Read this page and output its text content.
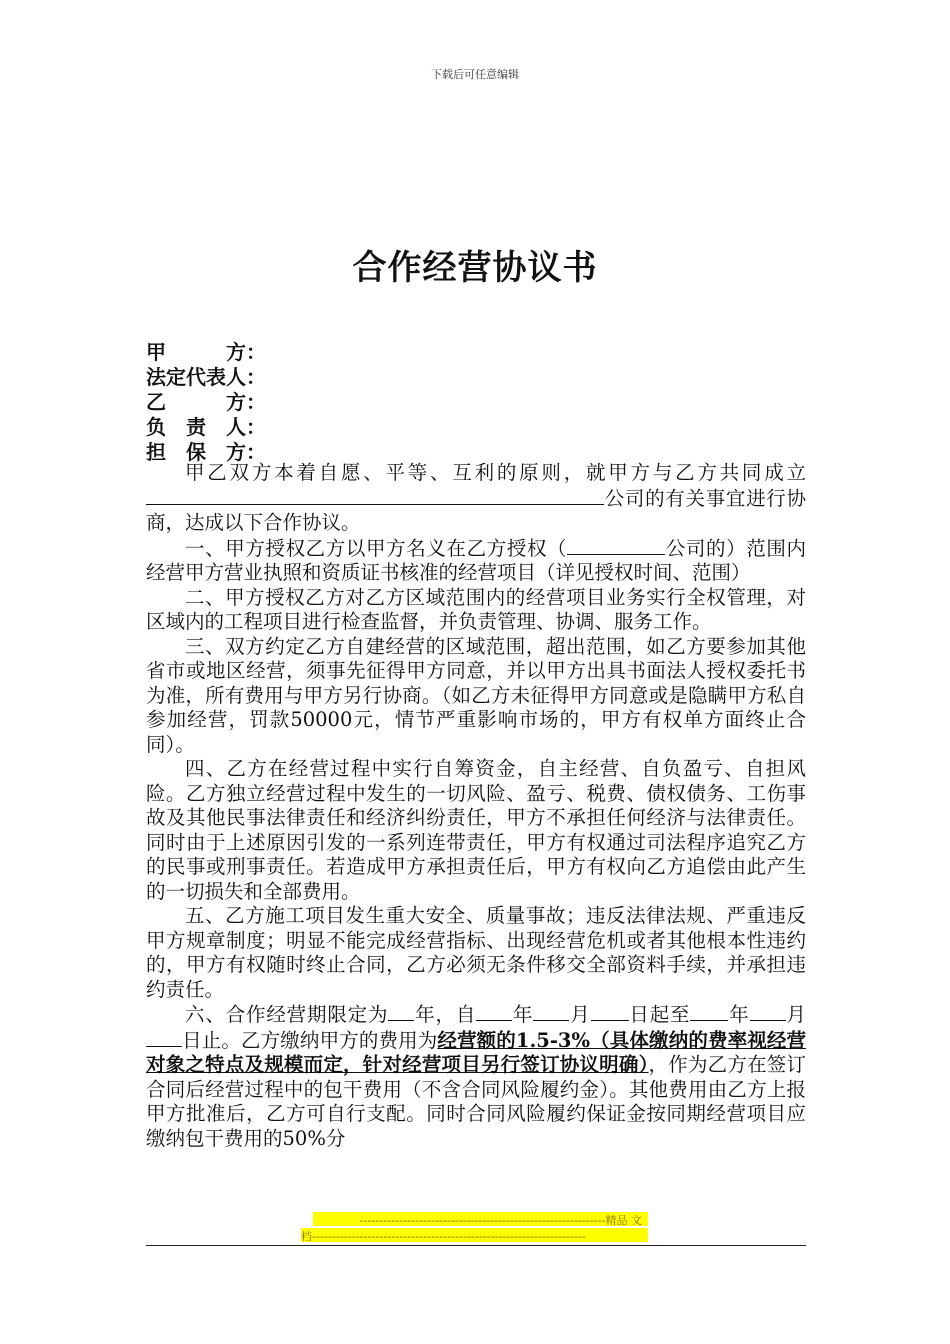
下载后可任意编辑
合作经营协议书
甲　　　方：
法定代表人：
乙　　　方：
负　责　人：
担　保　方：

甲乙双方本着自愿、平等、互利的原则，就甲方与乙方共同成立公司的有关事宜进行协商，达成以下合作协议。

一、甲方授权乙方以甲方名义在乙方授权（	公司的）范围内经营甲方营业执照和资质证书核准的经营项目（详见授权时间、范围）

二、甲方授权乙方对乙方区域范围内的经营项目业务实行全权管理，对区域内的工程项目进行检查监督，并负责管理、协调、服务工作。

三、双方约定乙方自建经营的区域范围，超出范围，如乙方要参加其他省市或地区经营，须事先征得甲方同意，并以甲方出具书面法人授权委托书为准，所有费用与甲方另行协商。（如乙方未征得甲方同意或是隐瞒甲方私自参加经营，罚款50000元，情节严重影响市场的，甲方有权单方面终止合同）。

四、乙方在经营过程中实行自筹资金，自主经营、自负盈亏、自担风险。乙方独立经营过程中发生的一切风险、盈亏、税费、债权债务、工伤事故及其他民事法律责任和经济纠纷责任，甲方不承担任何经济与法律责任。同时由于上述原因引发的一系列连带责任，甲方有权通过司法程序追究乙方的民事或刑事责任。若造成甲方承担责任后，甲方有权向乙方追偿由此产生的一切损失和全部费用。

五、乙方施工项目发生重大安全、质量事故；违反法律法规、严重违反甲方规章制度；明显不能完成经营指标、出现经营危机或者其他根本性违约的，甲方有权随时终止合同，乙方必须无条件移交全部资料手续，并承担违约责任。

六、合作经营期限定为 年，自 年 月 日起至 年 月日止。乙方缴纳甲方的费用为经营额的1.5-3%（具体缴纳的费率视经营对象之特点及规模而定，针对经营项目另行签订协议明确），作为乙方在签订合同后经营过程中的包干费用（不含合同风险履约金）。其他费用由乙方上报甲方批准后，乙方可自行支配。同时合同风险履约保证金按同期经营项目应缴纳包干费用的50%分

--------------------------------------------------------------精品 文
档---------------------------------------------------------------------
